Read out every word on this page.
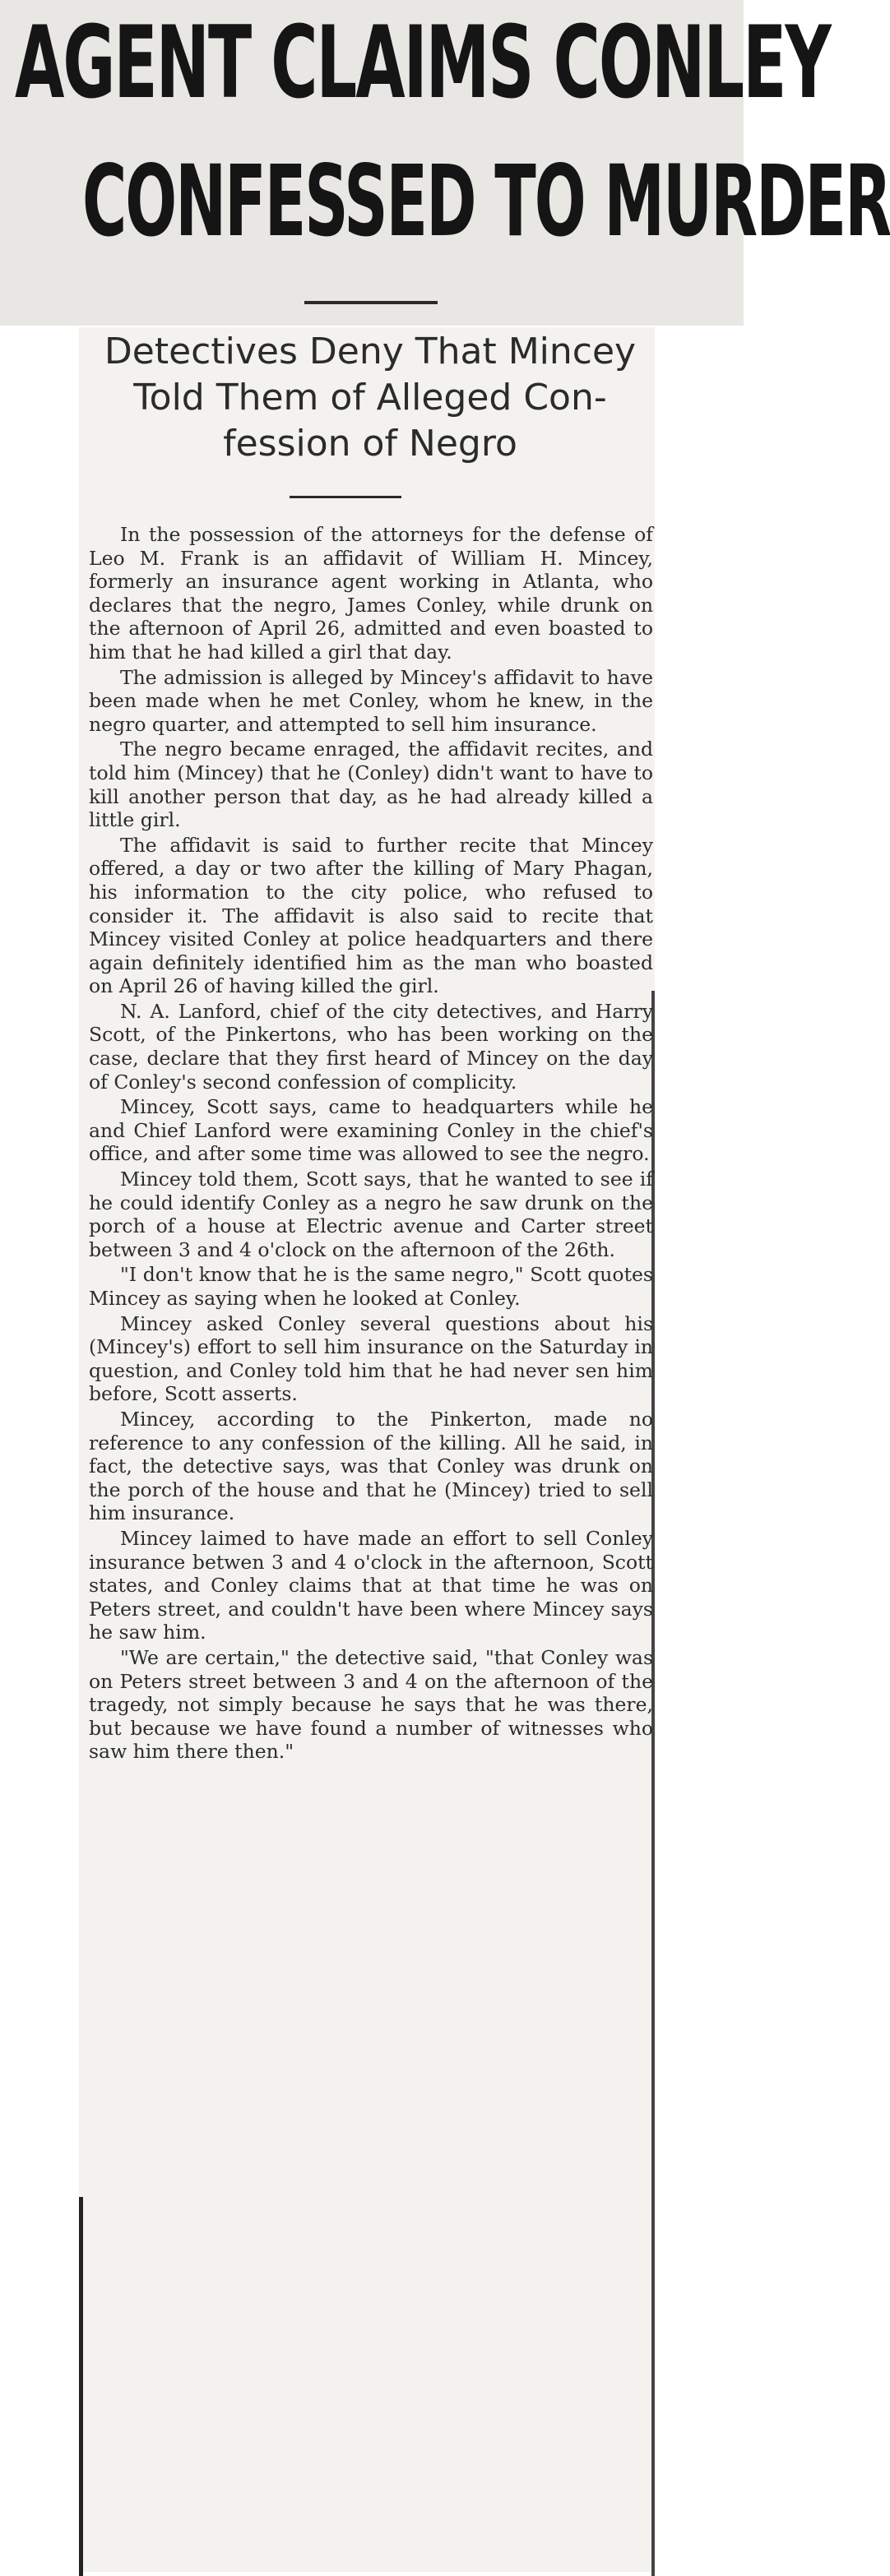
AGENT CLAIMS CONLEY
CONFESSED TO MURDER
Detectives Deny That Mincey
Told Them of Alleged Con-
fession of Negro

In the possession of the attorneys for the defense of Leo M. Frank is an affidavit of William H. Mincey, formerly an insurance agent working in Atlanta, who declares that the negro, James Conley, while drunk on the afternoon of April 26, admitted and even boasted to him that he had killed a girl that day.

The admission is alleged by Mincey's affidavit to have been made when he met Conley, whom he knew, in the negro quarter, and attempted to sell him insurance.

The negro became enraged, the affidavit recites, and told him (Mincey) that he (Conley) didn't want to have to kill another person that day, as he had already killed a little girl.

The affidavit is said to further recite that Mincey offered, a day or two after the killing of Mary Phagan, his information to the city police, who refused to consider it. The affidavit is also said to recite that Mincey visited Conley at police headquarters and there again definitely identified him as the man who boasted on April 26 of having killed the girl.

N. A. Lanford, chief of the city detectives, and Harry Scott, of the Pinkertons, who has been working on the case, declare that they first heard of Mincey on the day of Conley's second confession of complicity.

Mincey, Scott says, came to headquarters while he and Chief Lanford were examining Conley in the chief's office, and after some time was allowed to see the negro.

Mincey told them, Scott says, that he wanted to see if he could identify Conley as a negro he saw drunk on the porch of a house at Electric avenue and Carter street between 3 and 4 o'clock on the afternoon of the 26th.

"I don't know that he is the same negro," Scott quotes Mincey as saying when he looked at Conley.

Mincey asked Conley several questions about his (Mincey's) effort to sell him insurance on the Saturday in question, and Conley told him that he had never sen him before, Scott asserts.

Mincey, according to the Pinkerton, made no reference to any confession of the killing. All he said, in fact, the detective says, was that Conley was drunk on the porch of the house and that he (Mincey) tried to sell him insurance.

Mincey laimed to have made an effort to sell Conley insurance betwen 3 and 4 o'clock in the afternoon, Scott states, and Conley claims that at that time he was on Peters street, and couldn't have been where Mincey says he saw him.

"We are certain," the detective said, "that Conley was on Peters street between 3 and 4 on the afternoon of the tragedy, not simply because he says that he was there, but because we have found a number of witnesses who saw him there then."
